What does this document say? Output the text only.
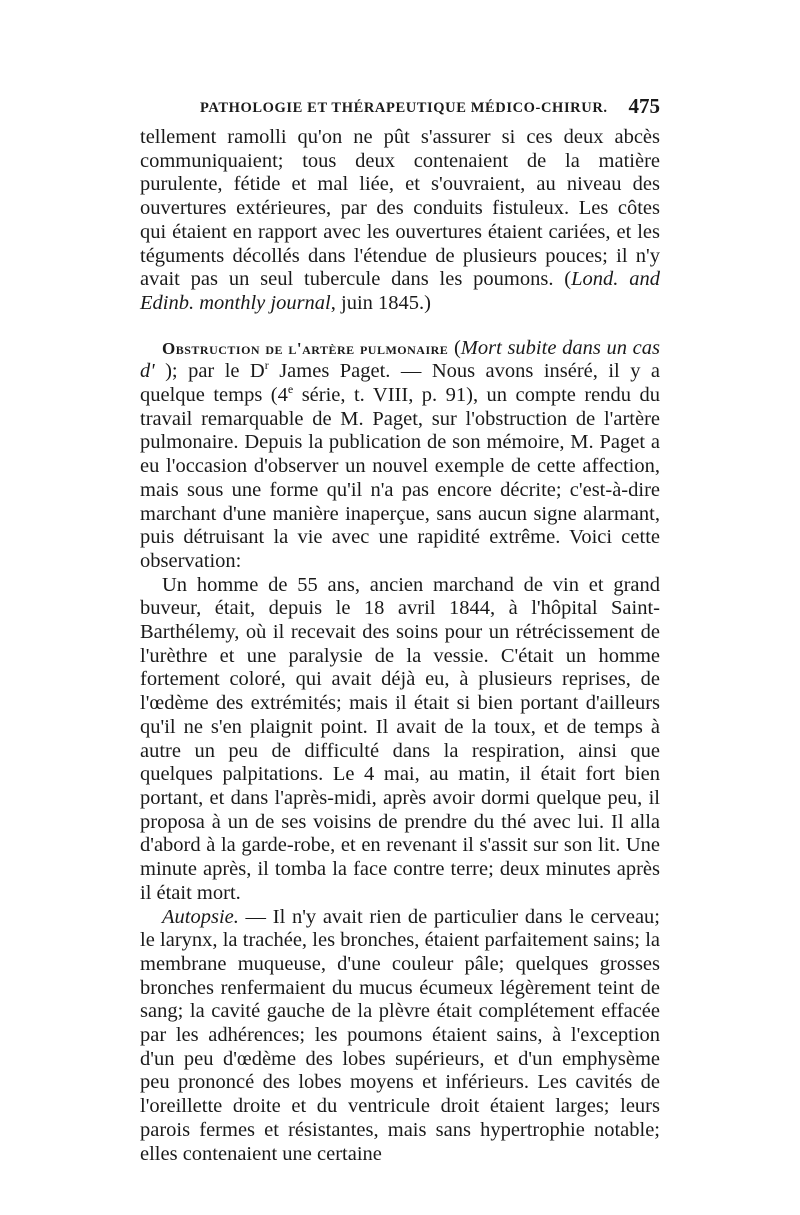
PATHOLOGIE ET THÉRAPEUTIQUE MÉDICO-CHIRUR. 475

tellement ramolli qu'on ne pût s'assurer si ces deux abcès communiquaient; tous deux contenaient de la matière purulente, fétide et mal liée, et s'ouvraient, au niveau des ouvertures extérieures, par des conduits fistuleux. Les côtes qui étaient en rapport avec les ouvertures étaient cariées, et les téguments décollés dans l'étendue de plusieurs pouces; il n'y avait pas un seul tubercule dans les poumons. (Lond. and Edinb. monthly journal, juin 1845.)

Obstruction de l'artère pulmonaire (Mort subite dans un cas d' ); par le $D^r$ James Paget. — Nous avons inséré, il y a quelque temps (4e série, t. VIII, p. 91), un compte rendu du travail remarquable de M. Paget, sur l'obstruction de l'artère pulmonaire. Depuis la publication de son mémoire, M. Paget a eu l'occasion d'observer un nouvel exemple de cette affection, mais sous une forme qu'il n'a pas encore décrite; c'est-à-dire marchant d'une manière inaperçue, sans aucun signe alarmant, puis détruisant la vie avec une rapidité extrême. Voici cette observation:

Un homme de 55 ans, ancien marchand de vin et grand buveur, était, depuis le 18 avril 1844, à l'hôpital Saint-Barthélemy, où il recevait des soins pour un rétrécissement de l'urèthre et une paralysie de la vessie. C'était un homme fortement coloré, qui avait déjà eu, à plusieurs reprises, de l'œdème des extrémités; mais il était si bien portant d'ailleurs qu'il ne s'en plaignit point. Il avait de la toux, et de temps à autre un peu de difficulté dans la respiration, ainsi que quelques palpitations. Le 4 mai, au matin, il était fort bien portant, et dans l'après-midi, après avoir dormi quelque peu, il proposa à un de ses voisins de prendre du thé avec lui. Il alla d'abord à la garde-robe, et en revenant il s'assit sur son lit. Une minute après, il tomba la face contre terre; deux minutes après il était mort.

Autopsie. — Il n'y avait rien de particulier dans le cerveau; le larynx, la trachée, les bronches, étaient parfaitement sains; la membrane muqueuse, d'une couleur pâle; quelques grosses bronches renfermaient du mucus écumeux légèrement teint de sang; la cavité gauche de la plèvre était complétement effacée par les adhérences; les poumons étaient sains, à l'exception d'un peu d'œdème des lobes supérieurs, et d'un emphysème peu prononcé des lobes moyens et inférieurs. Les cavités de l'oreillette droite et du ventricule droit étaient larges; leurs parois fermes et résistantes, mais sans hypertrophie notable; elles contenaient une certaine
